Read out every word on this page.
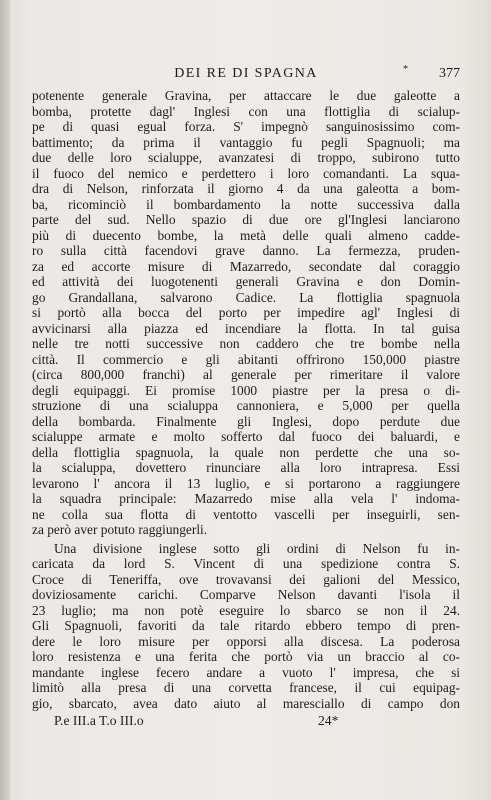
DEI RE DI SPAGNA	* 377
potenente generale Gravina, per attaccare le due galeotte a
bomba, protette dagl' Inglesi con una flottiglia di scialup-
pe di quasi egual forza. S' impegnò sanguinosissimo com-
battimento; da prima il vantaggio fu pegli Spagnuoli; ma
due delle loro scialuppe, avanzatesi di troppo, subirono tutto
il fuoco del nemico e perdettero i loro comandanti. La squa-
dra di Nelson, rinforzata il giorno 4 da una galeotta a bom-
ba, ricominciò il bombardamento la notte successiva dalla
parte del sud. Nello spazio di due ore gl'Inglesi lanciarono
più di duecento bombe, la metà delle quali almeno cadde-
ro sulla città facendovi grave danno. La fermezza, pruden-
za ed accorte misure di Mazarredo, secondate dal coraggio
ed attività dei luogotenenti generali Gravina e don Domin-
go Grandallana, salvarono Cadice. La flottiglia spagnuola
si portò alla bocca del porto per impedire agl' Inglesi di
avvicinarsi alla piazza ed incendiare la flotta. In tal guisa
nelle tre notti successive non caddero che tre bombe nella
città. Il commercio e gli abitanti offrirono 150,000 piastre
(circa 800,000 franchi) al generale per rimeritare il valore
degli equipaggi. Ei promise 1000 piastre per la presa o di-
struzione di una scialuppa cannoniera, e 5,000 per quella
della bombarda. Finalmente gli Inglesi, dopo perdute due
scialuppe armate e molto sofferto dal fuoco dei baluardi, e
della flottiglia spagnuola, la quale non perdette che una so-
la scialuppa, dovettero rinunciare alla loro intrapresa. Essi
levarono l' ancora il 13 luglio, e si portarono a raggiungere
la squadra principale: Mazarredo mise alla vela l' indoma-
ne colla sua flotta di ventotto vascelli per inseguirli, sen-
za però aver potuto raggiungerli.
Una divisione inglese sotto gli ordini di Nelson fu in-
caricata da lord S. Vincent di una spedizione contra S.
Croce di Teneriffa, ove trovavansi dei galioni del Messico,
doviziosamente carichi. Comparve Nelson davanti l'isola il
23 luglio; ma non potè eseguire lo sbarco se non il 24.
Gli Spagnuoli, favoriti da tale ritardo ebbero tempo di pren-
dere le loro misure per opporsi alla discesa. La poderosa
loro resistenza e una ferita che portò via un braccio al co-
mandante inglese fecero andare a vuoto l' impresa, che si
limitò alla presa di una corvetta francese, il cui equipag-
gio, sbarcato, avea dato aiuto al maresciallo di campo don
P.e III.a T.o III.o	24*
